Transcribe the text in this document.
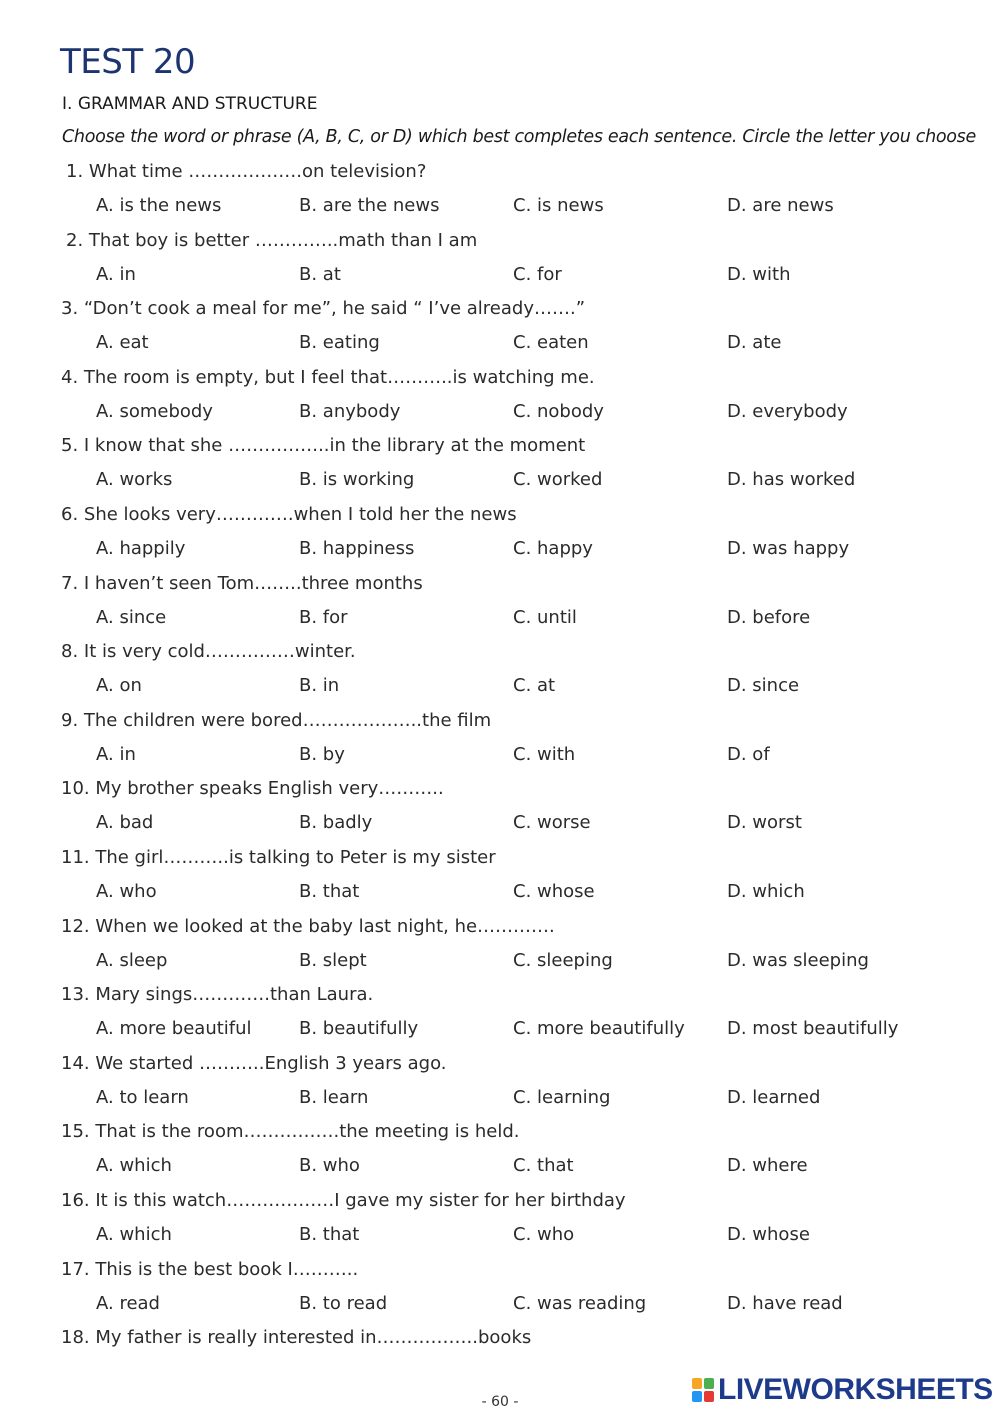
TEST 20
I. GRAMMAR AND STRUCTURE
Choose the word or phrase (A, B, C, or D) which best completes each sentence. Circle the letter you choose
1. What time ……………….on television?
A. is the news	B. are the news	C. is news	D. are news
2. That boy is better …………..math than I am
A. in	B. at	C. for	D. with
3. “Don’t cook a meal for me”, he said “ I’ve already…….”
A. eat	B. eating	C. eaten	D. ate
4. The room is empty, but I feel that………..is watching me.
A. somebody	B. anybody	C. nobody	D. everybody
5. I know that she ……………..in the library at the moment
A. works	B. is working	C. worked	D. has worked
6. She looks very………….when I told her the news
A. happily	B. happiness	C. happy	D. was happy
7. I haven’t seen Tom……..three months
A. since	B. for	C. until	D. before
8. It is very cold……………winter.
A. on	B. in	C. at	D. since
9. The children were bored………………..the film
A. in	B. by	C. with	D. of
10. My brother speaks English very………..
A. bad	B. badly	C. worse	D. worst
11. The girl………..is talking to Peter is my sister
A. who	B. that	C. whose	D. which
12. When we looked at the baby last night, he………….
A. sleep	B. slept	C. sleeping	D. was sleeping
13. Mary sings………….than Laura.
A. more beautiful	B. beautifully	C. more beautifully D. most beautifully
14. We started ………..English 3 years ago.
A. to learn	B. learn	C. learning	D. learned
15. That is the room…………….the meeting is held.
A. which	B. who	C. that	D. where
16. It is this watch………………I gave my sister for her birthday
A. which	B. that	C. who	D. whose
17. This is the best book I………..
A. read	B. to read	C. was reading	D. have read
18. My father is really interested in……………..books
- 60 -	LIVEWORKSHEETS
